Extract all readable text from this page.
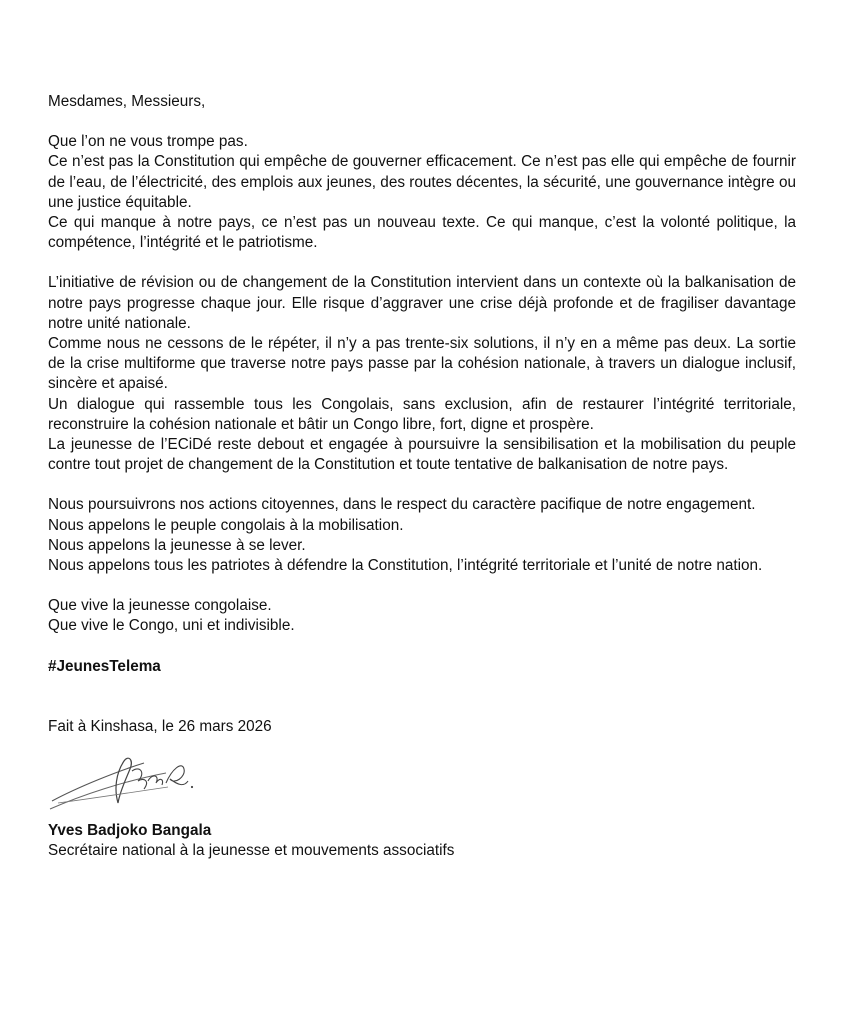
Mesdames, Messieurs,

Que l’on ne vous trompe pas.

Ce n’est pas la Constitution qui empêche de gouverner efficacement. Ce n’est pas elle qui empêche de fournir de l’eau, de l’électricité, des emplois aux jeunes, des routes décentes, la sécurité, une gouvernance intègre ou une justice équitable.

Ce qui manque à notre pays, ce n’est pas un nouveau texte. Ce qui manque, c’est la volonté politique, la compétence, l’intégrité et le patriotisme.

L’initiative de révision ou de changement de la Constitution intervient dans un contexte où la balkanisation de notre pays progresse chaque jour. Elle risque d’aggraver une crise déjà profonde et de fragiliser davantage notre unité nationale.

Comme nous ne cessons de le répéter, il n’y a pas trente-six solutions, il n’y en a même pas deux. La sortie de la crise multiforme que traverse notre pays passe par la cohésion nationale, à travers un dialogue inclusif, sincère et apaisé.

Un dialogue qui rassemble tous les Congolais, sans exclusion, afin de restaurer l’intégrité territoriale, reconstruire la cohésion nationale et bâtir un Congo libre, fort, digne et prospère.

La jeunesse de l’ECiDé reste debout et engagée à poursuivre la sensibilisation et la mobilisation du peuple contre tout projet de changement de la Constitution et toute tentative de balkanisation de notre pays.

Nous poursuivrons nos actions citoyennes, dans le respect du caractère pacifique de notre engagement.

Nous appelons le peuple congolais à la mobilisation.

Nous appelons la jeunesse à se lever.

Nous appelons tous les patriotes à défendre la Constitution, l’intégrité territoriale et l’unité de notre nation.

Que vive la jeunesse congolaise.

Que vive le Congo, uni et indivisible.

#JeunesTelema

Fait à Kinshasa, le 26 mars 2026

Yves Badjoko Bangala

Secrétaire national à la jeunesse et mouvements associatifs
